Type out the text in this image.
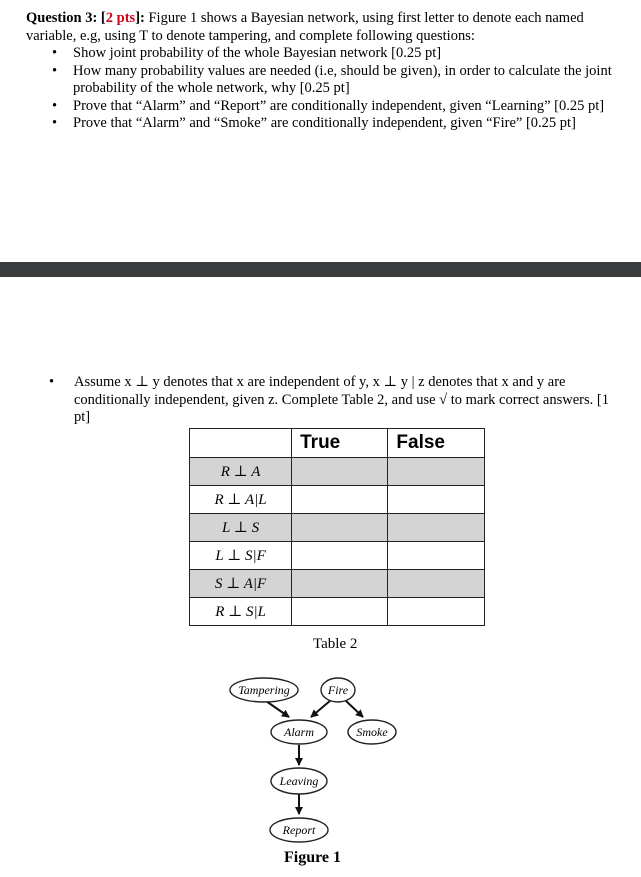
Question 3: [2 pts]: Figure 1 shows a Bayesian network, using first letter to denote each named variable, e.g, using T to denote tampering, and complete following questions:
• Show joint probability of the whole Bayesian network [0.25 pt]
• How many probability values are needed (i.e, should be given), in order to calculate the joint probability of the whole network, why [0.25 pt]
• Prove that “Alarm” and “Report” are conditionally independent, given “Learning” [0.25 pt]
• Prove that “Alarm” and “Smoke” are conditionally independent, given “Fire” [0.25 pt]
•	Assume x ⊥ y denotes that x are independent of y, x ⊥ y | z denotes that x and y are conditionally independent, given z. Complete Table 2, and use √ to mark correct answers. [1 pt]
	True	False
R ⊥ A		
R ⊥ A|L		
L ⊥ S		
L ⊥ S|F		
S ⊥ A|F		
R ⊥ S|L		
Table 2
Tampering	Fire
Alarm	Smoke
Leaving
Report
Figure 1
